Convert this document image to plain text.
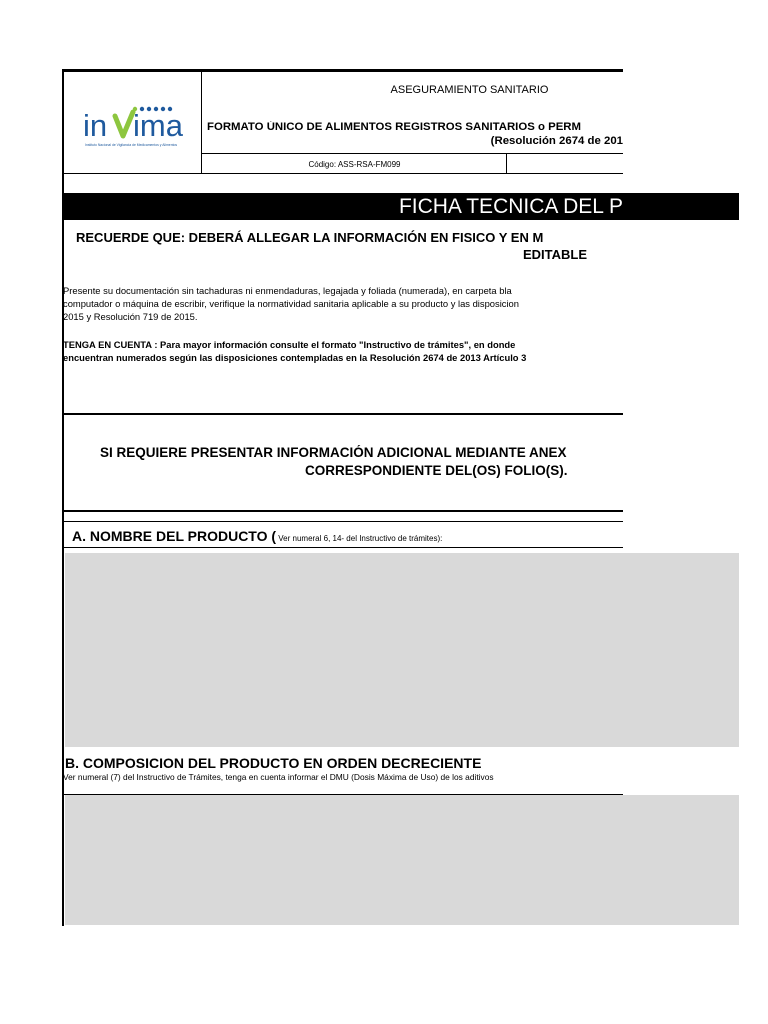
in ima
Instituto Nacional de Vigilancia de Medicamentos y Alimentos
ASEGURAMIENTO SANITARIO
FORMATO ÚNICO DE ALIMENTOS REGISTROS SANITARIOS o PERM
(Resolución 2674 de 201
Código: ASS-RSA-FM099
FICHA TECNICA DEL P
RECUERDE QUE: DEBERÁ ALLEGAR LA INFORMACIÓN EN FISICO Y EN M
EDITABLE
Presente su documentación sin tachaduras ni enmendaduras, legajada y foliada (numerada), en carpeta bla
computador o máquina de escribir, verifique la normatividad sanitaria aplicable a su producto y las disposicion
2015 y Resolución 719 de 2015.
TENGA EN CUENTA : Para mayor información consulte el formato "Instructivo de trámites", en donde
encuentran numerados según las disposiciones contempladas en la Resolución 2674 de 2013 Artículo 3
SI REQUIERE PRESENTAR INFORMACIÓN ADICIONAL MEDIANTE ANEX
CORRESPONDIENTE DEL(OS) FOLIO(S).
A. NOMBRE DEL PRODUCTO ( Ver numeral 6, 14- del Instructivo de trámites):
B. COMPOSICION DEL PRODUCTO EN ORDEN DECRECIENTE
Ver numeral (7) del Instructivo de Trámites, tenga en cuenta informar el DMU (Dosis Máxima de Uso) de los aditivos
